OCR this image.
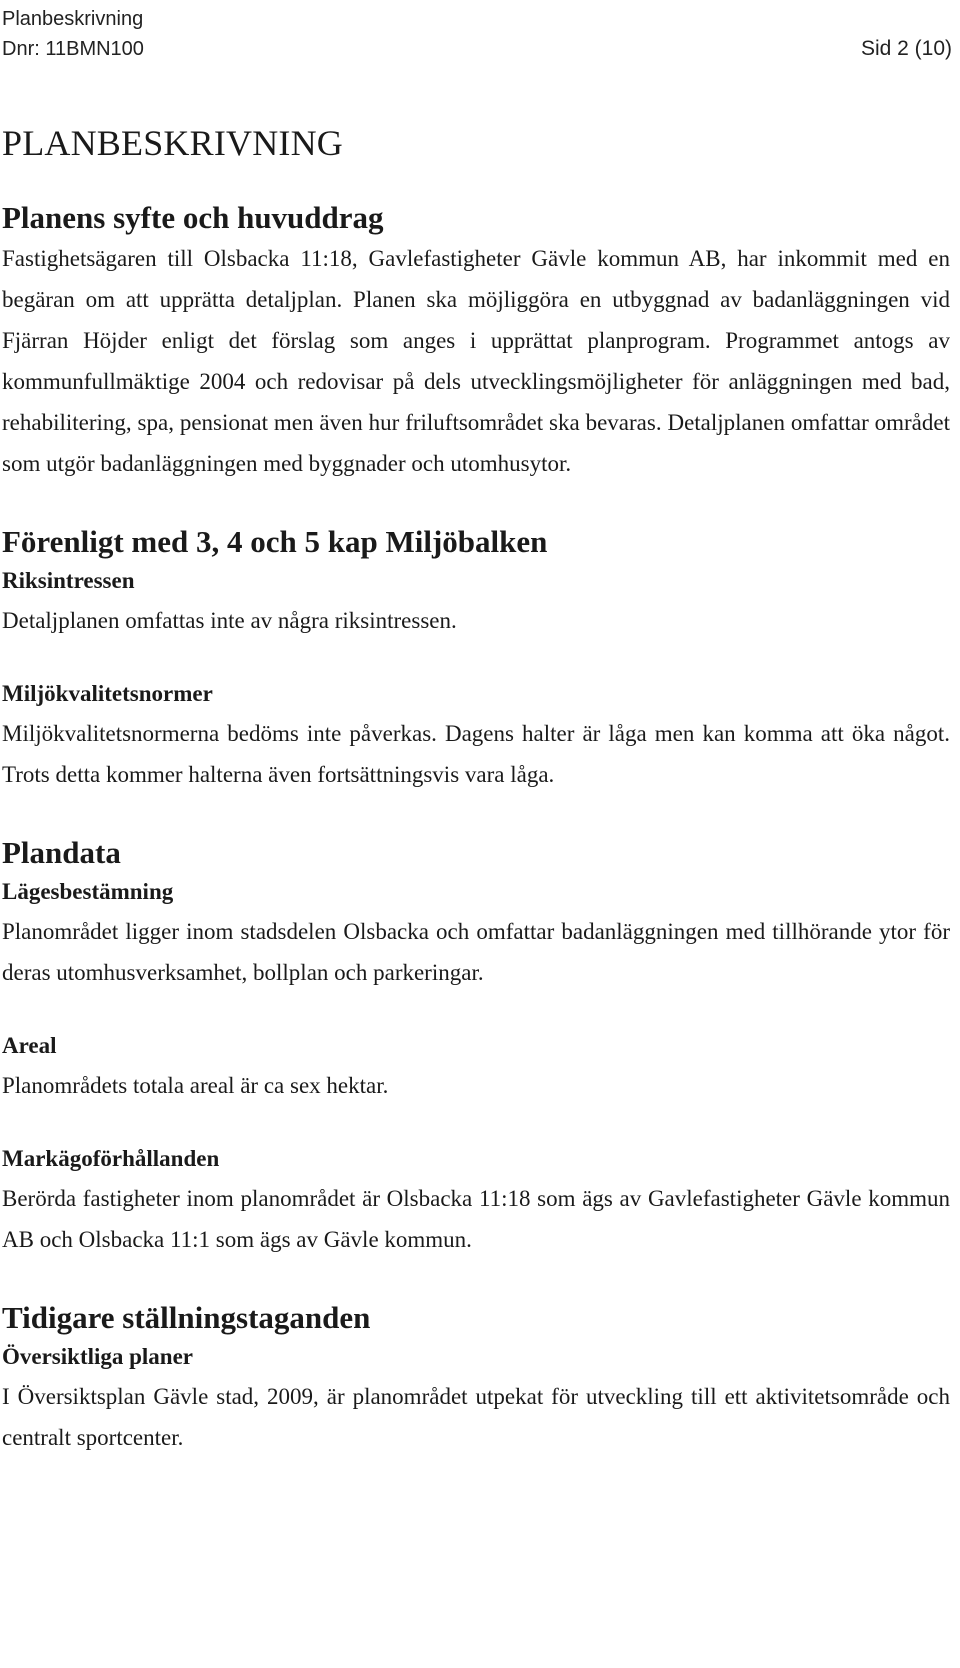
Planbeskrivning
Dnr: 11BMN100	Sid 2 (10)
PLANBESKRIVNING
Planens syfte och huvuddrag

Fastighetsägaren till Olsbacka 11:18, Gavlefastigheter Gävle kommun AB, har inkommit med en begäran om att upprätta detaljplan. Planen ska möjliggöra en utbyggnad av badanläggningen vid Fjärran Höjder enligt det förslag som anges i upprättat planprogram. Programmet antogs av kommunfullmäktige 2004 och redovisar på dels utvecklingsmöjligheter för anläggningen med bad, rehabilitering, spa, pensionat men även hur friluftsområdet ska bevaras. Detaljplanen omfattar området som utgör badanläggningen med byggnader och utomhusytor.

Förenligt med 3, 4 och 5 kap Miljöbalken
Riksintressen

Detaljplanen omfattas inte av några riksintressen.

Miljökvalitetsnormer

Miljökvalitetsnormerna bedöms inte påverkas. Dagens halter är låga men kan komma att öka något. Trots detta kommer halterna även fortsättningsvis vara låga.

Plandata
Lägesbestämning

Planområdet ligger inom stadsdelen Olsbacka och omfattar badanläggningen med tillhörande ytor för deras utomhusverksamhet, bollplan och parkeringar.

Areal

Planområdets totala areal är ca sex hektar.

Markägoförhållanden

Berörda fastigheter inom planområdet är Olsbacka 11:18 som ägs av Gavlefastigheter Gävle kommun AB och Olsbacka 11:1 som ägs av Gävle kommun.

Tidigare ställningstaganden
Översiktliga planer

I Översiktsplan Gävle stad, 2009, är planområdet utpekat för utveckling till ett aktivitetsområde och centralt sportcenter.
